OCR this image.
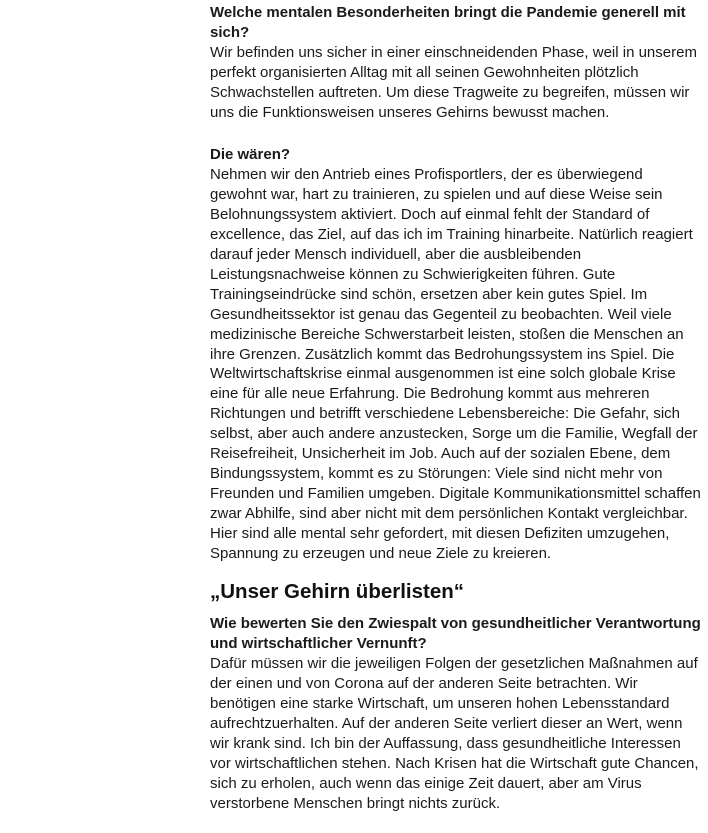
Welche mentalen Besonderheiten bringt die Pandemie generell mit sich?

Wir befinden uns sicher in einer einschneidenden Phase, weil in unserem perfekt organisierten Alltag mit all seinen Gewohnheiten plötzlich Schwachstellen auftreten. Um diese Tragweite zu begreifen, müssen wir uns die Funktionsweisen unseres Gehirns bewusst machen.

Die wären?

Nehmen wir den Antrieb eines Profisportlers, der es überwiegend gewohnt war, hart zu trainieren, zu spielen und auf diese Weise sein Belohnungssystem aktiviert. Doch auf einmal fehlt der Standard of excellence, das Ziel, auf das ich im Training hinarbeite. Natürlich reagiert darauf jeder Mensch individuell, aber die ausbleibenden Leistungsnachweise können zu Schwierigkeiten führen. Gute Trainingseindrücke sind schön, ersetzen aber kein gutes Spiel. Im Gesundheitssektor ist genau das Gegenteil zu beobachten. Weil viele medizinische Bereiche Schwerstarbeit leisten, stoßen die Menschen an ihre Grenzen. Zusätzlich kommt das Bedrohungssystem ins Spiel. Die Weltwirtschaftskrise einmal ausgenommen ist eine solch globale Krise eine für alle neue Erfahrung. Die Bedrohung kommt aus mehreren Richtungen und betrifft verschiedene Lebensbereiche: Die Gefahr, sich selbst, aber auch andere anzustecken, Sorge um die Familie, Wegfall der Reisefreiheit, Unsicherheit im Job. Auch auf der sozialen Ebene, dem Bindungssystem, kommt es zu Störungen: Viele sind nicht mehr von Freunden und Familien umgeben. Digitale Kommunikationsmittel schaffen zwar Abhilfe, sind aber nicht mit dem persönlichen Kontakt vergleichbar. Hier sind alle mental sehr gefordert, mit diesen Defiziten umzugehen, Spannung zu erzeugen und neue Ziele zu kreieren.

„Unser Gehirn überlisten“

Wie bewerten Sie den Zwiespalt von gesundheitlicher Verantwortung und wirtschaftlicher Vernunft?

Dafür müssen wir die jeweiligen Folgen der gesetzlichen Maßnahmen auf der einen und von Corona auf der anderen Seite betrachten. Wir benötigen eine starke Wirtschaft, um unseren hohen Lebensstandard aufrechtzuerhalten. Auf der anderen Seite verliert dieser an Wert, wenn wir krank sind. Ich bin der Auffassung, dass gesundheitliche Interessen vor wirtschaftlichen stehen. Nach Krisen hat die Wirtschaft gute Chancen, sich zu erholen, auch wenn das einige Zeit dauert, aber am Virus verstorbene Menschen bringt nichts zurück.
